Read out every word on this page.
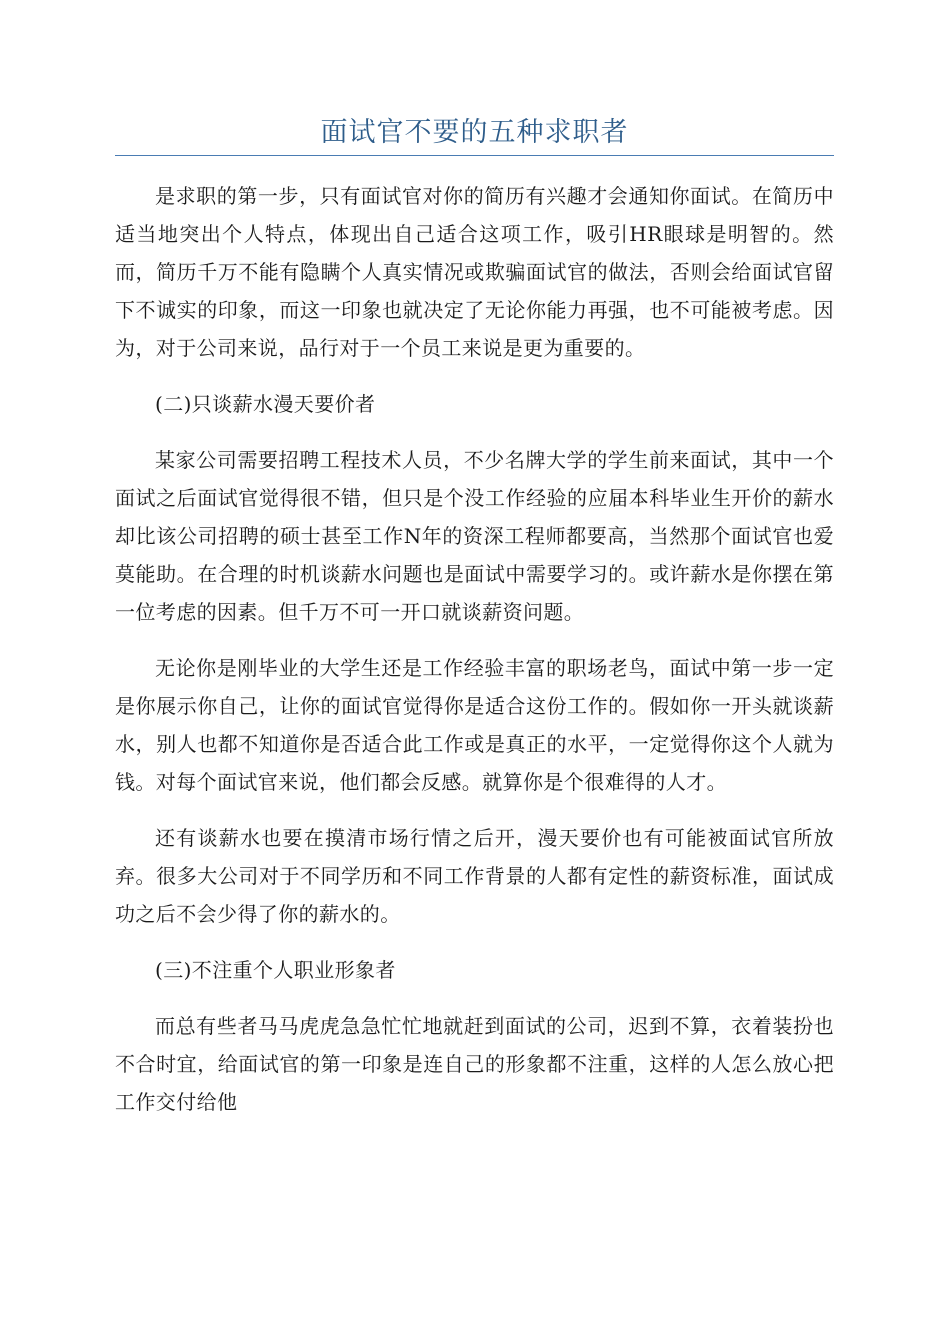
面试官不要的五种求职者

是求职的第一步，只有面试官对你的简历有兴趣才会通知你面试。在简历中适当地突出个人特点，体现出自己适合这项工作，吸引HR眼球是明智的。然而，简历千万不能有隐瞒个人真实情况或欺骗面试官的做法，否则会给面试官留下不诚实的印象，而这一印象也就决定了无论你能力再强，也不可能被考虑。因为，对于公司来说，品行对于一个员工来说是更为重要的。

(二)只谈薪水漫天要价者

某家公司需要招聘工程技术人员，不少名牌大学的学生前来面试，其中一个面试之后面试官觉得很不错，但只是个没工作经验的应届本科毕业生开价的薪水却比该公司招聘的硕士甚至工作N年的资深工程师都要高，当然那个面试官也爱莫能助。在合理的时机谈薪水问题也是面试中需要学习的。或许薪水是你摆在第一位考虑的因素。但千万不可一开口就谈薪资问题。

无论你是刚毕业的大学生还是工作经验丰富的职场老鸟，面试中第一步一定是你展示你自己，让你的面试官觉得你是适合这份工作的。假如你一开头就谈薪水，别人也都不知道你是否适合此工作或是真正的水平，一定觉得你这个人就为钱。对每个面试官来说，他们都会反感。就算你是个很难得的人才。

还有谈薪水也要在摸清市场行情之后开，漫天要价也有可能被面试官所放弃。很多大公司对于不同学历和不同工作背景的人都有定性的薪资标准，面试成功之后不会少得了你的薪水的。

(三)不注重个人职业形象者

而总有些者马马虎虎急急忙忙地就赶到面试的公司，迟到不算，衣着装扮也不合时宜，给面试官的第一印象是连自己的形象都不注重，这样的人怎么放心把工作交付给他
